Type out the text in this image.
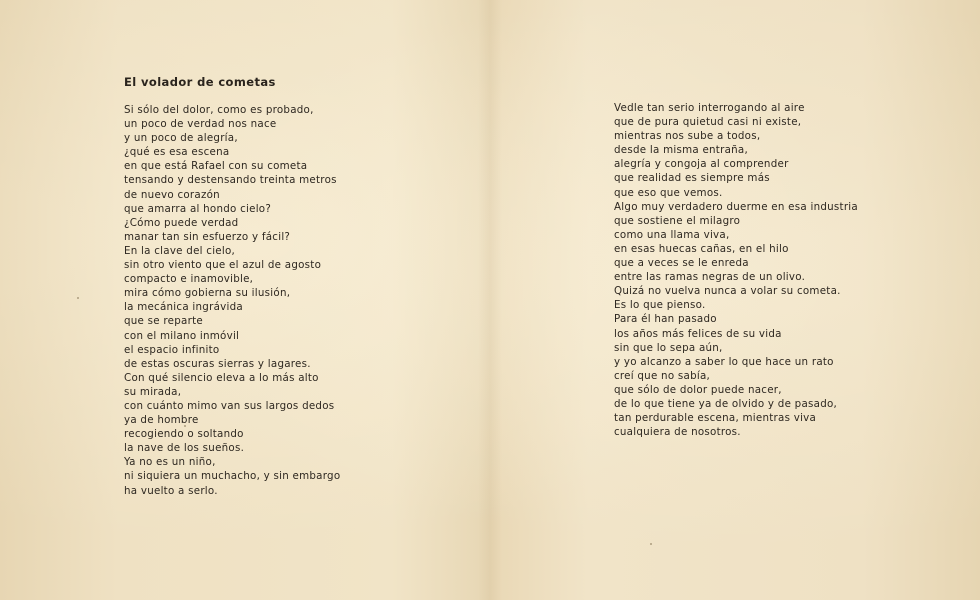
El volador de cometas
Si sólo del dolor, como es probado,
un poco de verdad nos nace
y un poco de alegría,
¿qué es esa escena
en que está Rafael con su cometa
tensando y destensando treinta metros
de nuevo corazón
que amarra al hondo cielo?
¿Cómo puede verdad
manar tan sin esfuerzo y fácil?
En la clave del cielo,
sin otro viento que el azul de agosto
compacto e inamovible,
mira cómo gobierna su ilusión,
la mecánica ingrávida
que se reparte
con el milano inmóvil
el espacio infinito
de estas oscuras sierras y lagares.
Con qué silencio eleva a lo más alto
su mirada,
con cuánto mimo van sus largos dedos
ya de hombre
recogiendo o soltando
la nave de los sueños.
Ya no es un niño,
ni siquiera un muchacho, y sin embargo
ha vuelto a serlo.
Vedle tan serio interrogando al aire
que de pura quietud casi ni existe,
mientras nos sube a todos,
desde la misma entraña,
alegría y congoja al comprender
que realidad es siempre más
que eso que vemos.
Algo muy verdadero duerme en esa industria
que sostiene el milagro
como una llama viva,
en esas huecas cañas, en el hilo
que a veces se le enreda
entre las ramas negras de un olivo.
Quizá no vuelva nunca a volar su cometa.
Es lo que pienso.
Para él han pasado
los años más felices de su vida
sin que lo sepa aún,
y yo alcanzo a saber lo que hace un rato
creí que no sabía,
que sólo de dolor puede nacer,
de lo que tiene ya de olvido y de pasado,
tan perdurable escena, mientras viva
cualquiera de nosotros.
